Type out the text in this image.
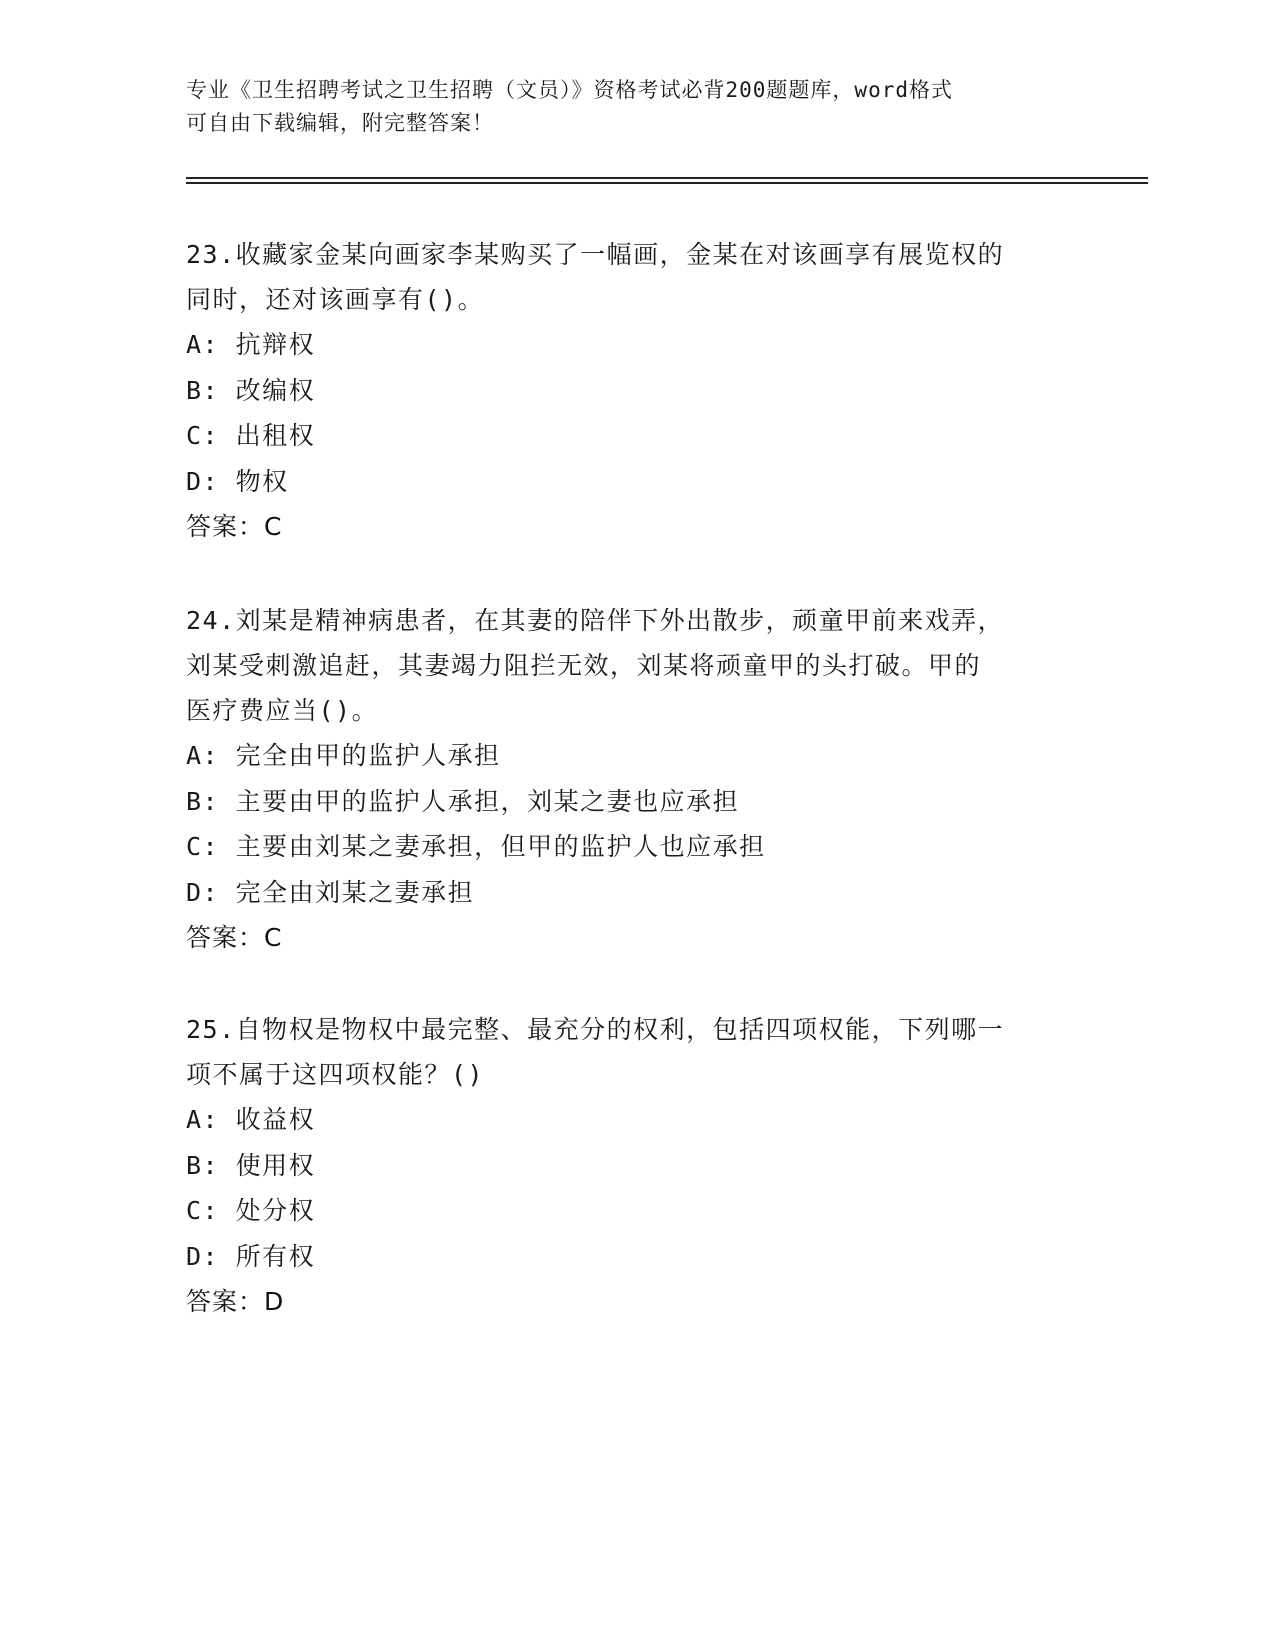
专业《卫生招聘考试之卫生招聘（文员）》资格考试必背200题题库，word格式
可自由下载编辑，附完整答案！

23.收藏家金某向画家李某购买了一幅画，金某在对该画享有展览权的

同时，还对该画享有()。

A: 抗辩权

B: 改编权

C: 出租权

D: 物权

答案：C

24.刘某是精神病患者，在其妻的陪伴下外出散步，顽童甲前来戏弄，

刘某受刺激追赶，其妻竭力阻拦无效，刘某将顽童甲的头打破。甲的

医疗费应当()。

A: 完全由甲的监护人承担

B: 主要由甲的监护人承担，刘某之妻也应承担

C: 主要由刘某之妻承担，但甲的监护人也应承担

D: 完全由刘某之妻承担

答案：C

25.自物权是物权中最完整、最充分的权利，包括四项权能，下列哪一

项不属于这四项权能？()

A: 收益权

B: 使用权

C: 处分权

D: 所有权

答案：D
